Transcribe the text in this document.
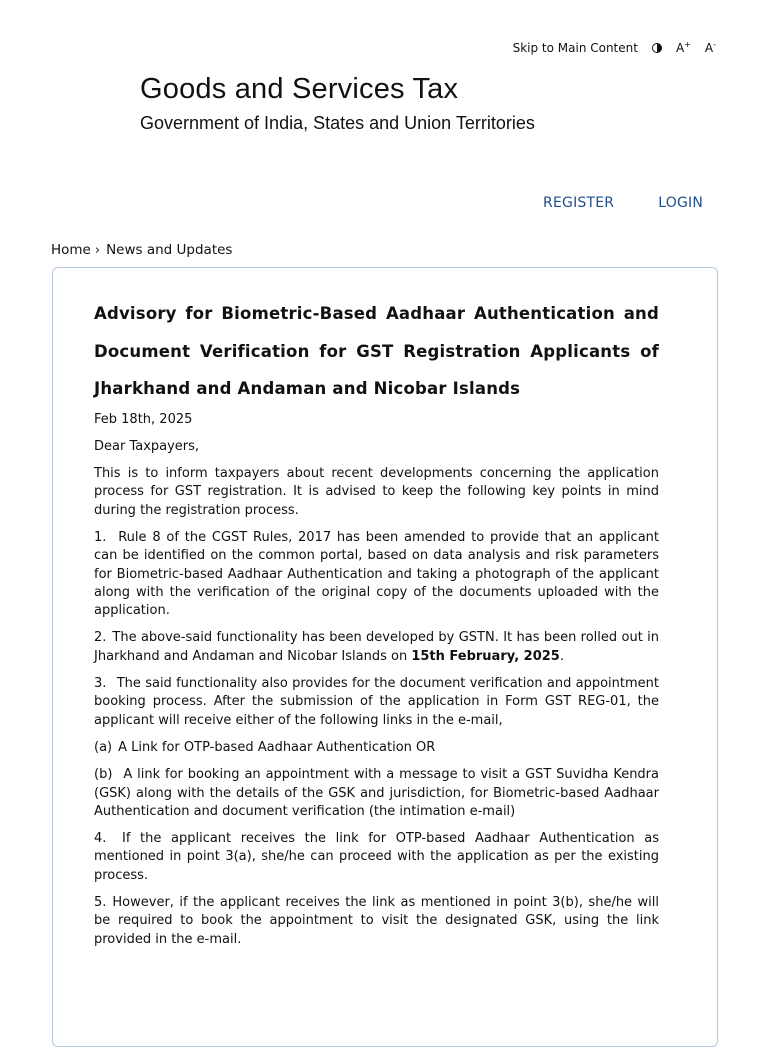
Skip to Main Content	A+ A-
Goods and Services Tax
Government of India, States and Union Territories
REGISTER	LOGIN
Home › News and Updates
Advisory for Biometric-Based Aadhaar Authentication and Document Verification for GST Registration Applicants of Jharkhand and Andaman and Nicobar Islands

Feb 18th, 2025

Dear Taxpayers,

This is to inform taxpayers about recent developments concerning the application process for GST registration. It is advised to keep the following key points in mind during the registration process.

1. Rule 8 of the CGST Rules, 2017 has been amended to provide that an applicant can be identified on the common portal, based on data analysis and risk parameters for Biometric-based Aadhaar Authentication and taking a photograph of the applicant along with the verification of the original copy of the documents uploaded with the application.

2. The above-said functionality has been developed by GSTN. It has been rolled out in Jharkhand and Andaman and Nicobar Islands on 15th February, 2025.

3. The said functionality also provides for the document verification and appointment booking process. After the submission of the application in Form GST REG-01, the applicant will receive either of the following links in the e-mail,

(a) A Link for OTP-based Aadhaar Authentication OR

(b) A link for booking an appointment with a message to visit a GST Suvidha Kendra (GSK) along with the details of the GSK and jurisdiction, for Biometric-based Aadhaar Authentication and document verification (the intimation e-mail)

4. If the applicant receives the link for OTP-based Aadhaar Authentication as mentioned in point 3(a), she/he can proceed with the application as per the existing process.

5. However, if the applicant receives the link as mentioned in point 3(b), she/he will be required to book the appointment to visit the designated GSK, using the link provided in the e-mail.
